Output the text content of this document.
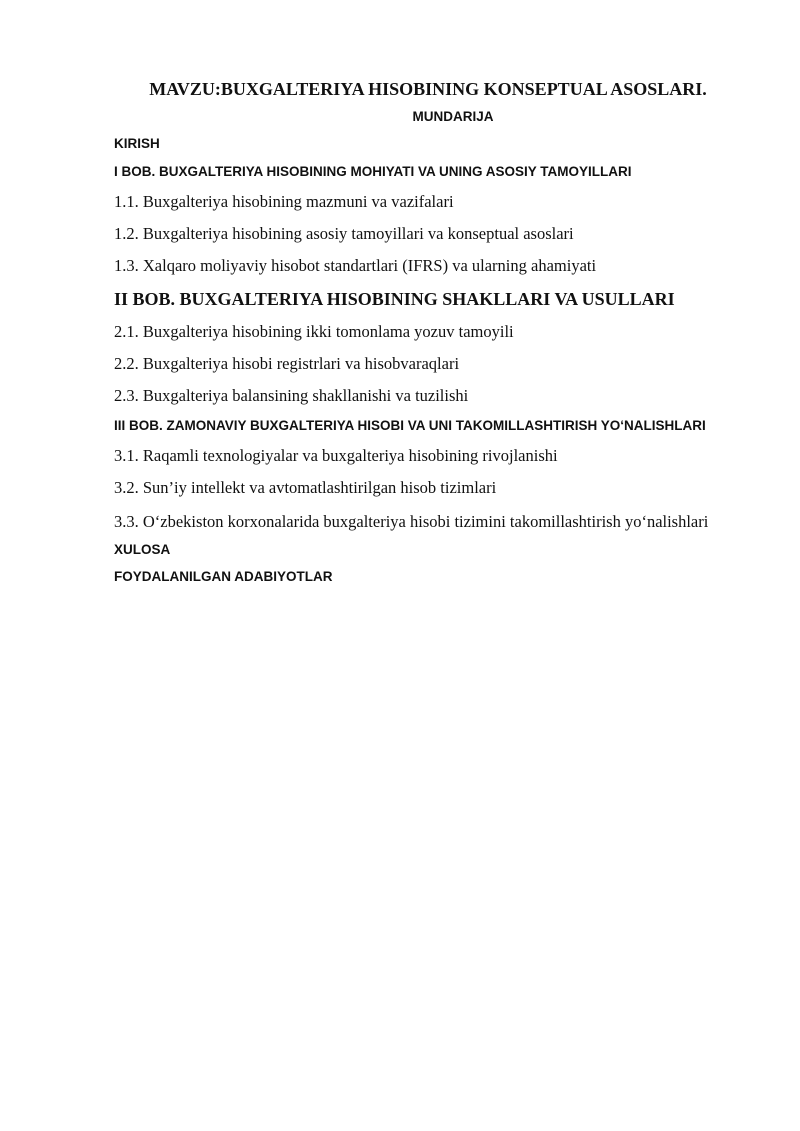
MAVZU:BUXGALTERIYA HISOBINING KONSEPTUAL ASOSLARI.
MUNDARIJA

KIRISH

I BOB. BUXGALTERIYA HISOBINING MOHIYATI VA UNING ASOSIY TAMOYILLARI

1.1. Buxgalteriya hisobining mazmuni va vazifalari

1.2. Buxgalteriya hisobining asosiy tamoyillari va konseptual asoslari

1.3. Xalqaro moliyaviy hisobot standartlari (IFRS) va ularning ahamiyati

II BOB. BUXGALTERIYA HISOBINING SHAKLLARI VA USULLARI

2.1. Buxgalteriya hisobining ikki tomonlama yozuv tamoyili

2.2. Buxgalteriya hisobi registrlari va hisobvaraqlari

2.3. Buxgalteriya balansining shakllanishi va tuzilishi

III BOB. ZAMONAVIY BUXGALTERIYA HISOBI VA UNI TAKOMILLASHTIRISH YO‘NALISHLARI

3.1. Raqamli texnologiyalar va buxgalteriya hisobining rivojlanishi

3.2. Sun’iy intellekt va avtomatlashtirilgan hisob tizimlari

3.3. O‘zbekiston korxonalarida buxgalteriya hisobi tizimini takomillashtirish yo‘nalishlari

XULOSA

FOYDALANILGAN ADABIYOTLAR
